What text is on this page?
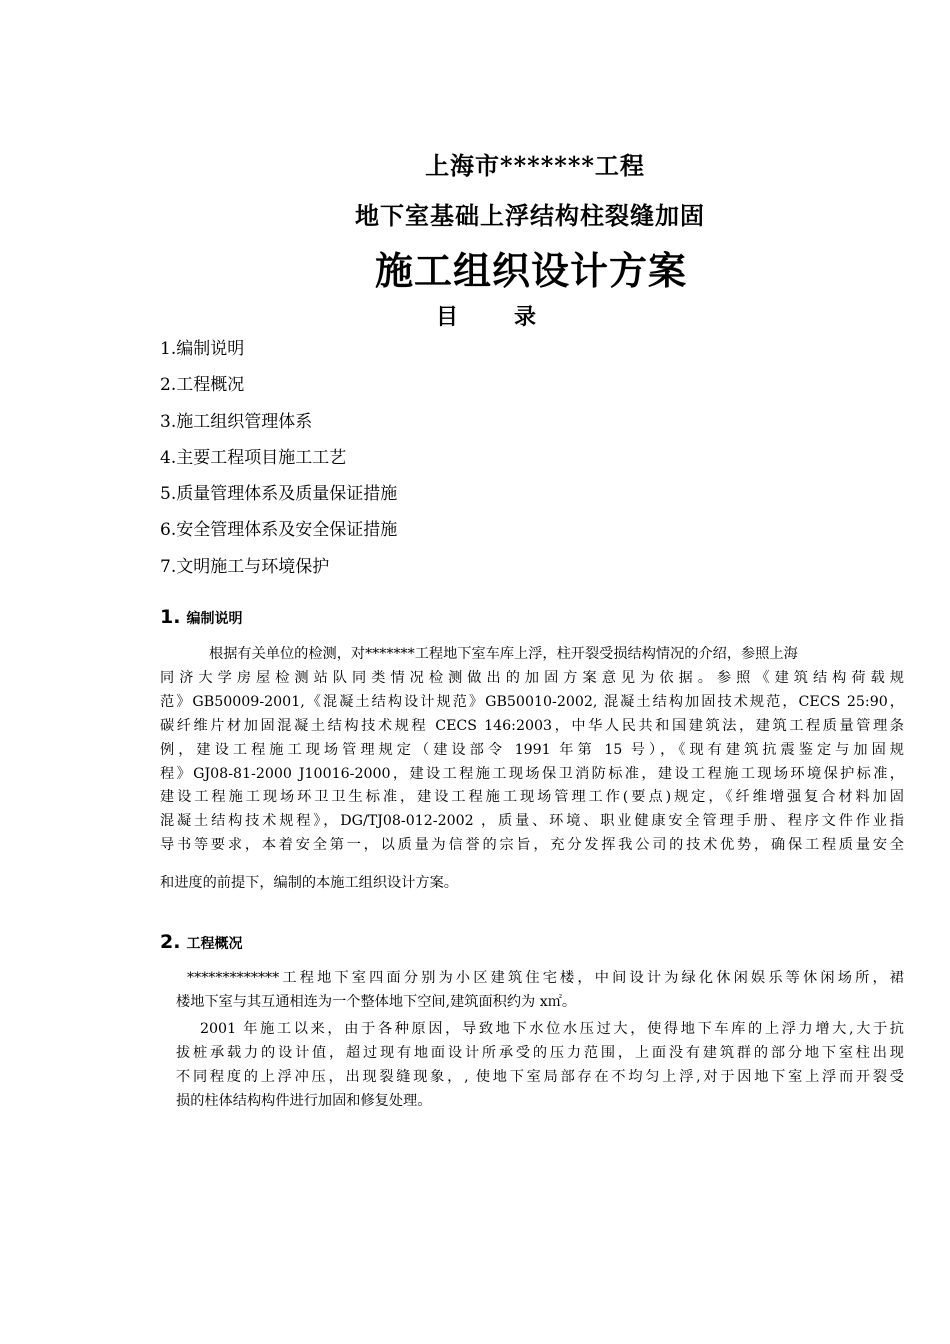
上海市*******工程
地下室基础上浮结构柱裂缝加固
施工组织设计方案
目	录
1.编制说明
2.工程概况
3.施工组织管理体系
4.主要工程项目施工工艺
5.质量管理体系及质量保证措施
6.安全管理体系及安全保证措施
7.文明施工与环境保护
1. 编制说明
根据有关单位的检测，对*******工程地下室车库上浮，柱开裂受损结构情况的介绍，参照上海
同济大学房屋检测站队同类情况检测做出的加固方案意见为依据。参照《建筑结构荷载规
范》GB50009-2001,《混凝土结构设计规范》GB50010-2002, 混凝土结构加固技术规范，CECS 25:90，
碳纤维片材加固混凝土结构技术规程 CECS 146:2003，中华人民共和国建筑法，建筑工程质量管理条
例，建设工程施工现场管理规定（建设部令 1991 年第 15 号），《现有建筑抗震鉴定与加固规
程》GJ08-81-2000 J10016-2000，建设工程施工现场保卫消防标准，建设工程施工现场环境保护标准，
建设工程施工现场环卫卫生标准，建设工程施工现场管理工作(要点)规定，《纤维增强复合材料加固
混凝土结构技术规程》，DG/TJ08-012-2002 ，质量、环境、职业健康安全管理手册、程序文件作业指
导书等要求，本着安全第一，以质量为信誉的宗旨，充分发挥我公司的技术优势，确保工程质量安全
和进度的前提下，编制的本施工组织设计方案。
2. 工程概况
*************工程地下室四面分别为小区建筑住宅楼，中间设计为绿化休闲娱乐等休闲场所，裙
楼地下室与其互通相连为一个整体地下空间,建筑面积约为 x㎡。
2001 年施工以来，由于各种原因，导致地下水位水压过大，使得地下车库的上浮力增大,大于抗
拔桩承载力的设计值，超过现有地面设计所承受的压力范围，上面没有建筑群的部分地下室柱出现
不同程度的上浮冲压，出现裂缝现象，, 使地下室局部存在不均匀上浮,对于因地下室上浮而开裂受
损的柱体结构构件进行加固和修复处理。
